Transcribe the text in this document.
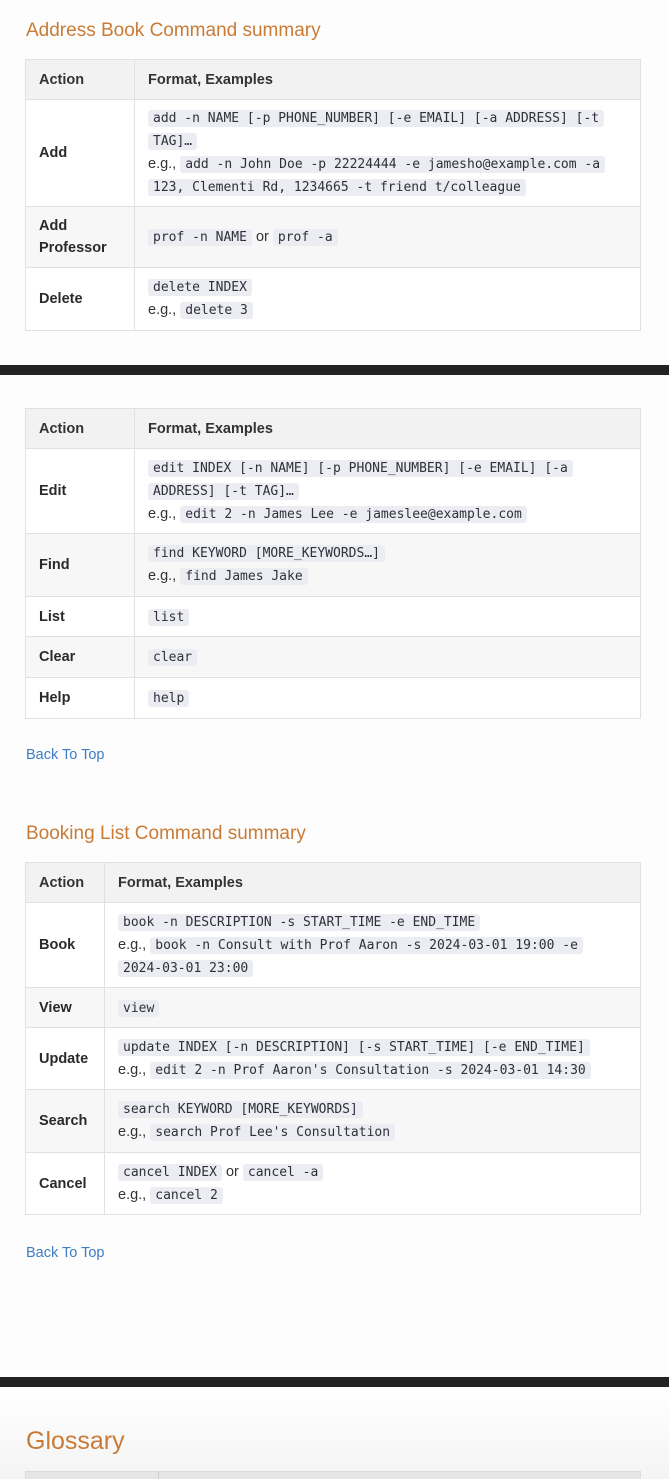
Address Book Command summary
Action	Format, Examples
Add	add -n NAME [-p PHONE_NUMBER] [-e EMAIL] [-a ADDRESS] [-t
TAG]…
e.g., add -n John Doe -p 22224444 -e jamesho@example.com -a
123, Clementi Rd, 1234665 -t friend t/colleague
Add
Professor	prof -n NAME or prof -a
Delete	delete INDEX
e.g., delete 3
Action	Format, Examples
Edit	edit INDEX [-n NAME] [-p PHONE_NUMBER] [-e EMAIL] [-a
ADDRESS] [-t TAG]…
e.g., edit 2 -n James Lee -e jameslee@example.com
Find	find KEYWORD [MORE_KEYWORDS…]
e.g., find James Jake
List	list
Clear	clear
Help	help
Back To Top
Booking List Command summary
Action	Format, Examples
Book	book -n DESCRIPTION -s START_TIME -e END_TIME
e.g., book -n Consult with Prof Aaron -s 2024-03-01 19:00 -e
2024-03-01 23:00
View	view
Update	update INDEX [-n DESCRIPTION] [-s START_TIME] [-e END_TIME]
e.g., edit 2 -n Prof Aaron's Consultation -s 2024-03-01 14:30
Search	search KEYWORD [MORE_KEYWORDS]
e.g., search Prof Lee's Consultation
Cancel	cancel INDEX or cancel -a
e.g., cancel 2
Back To Top
Glossary
